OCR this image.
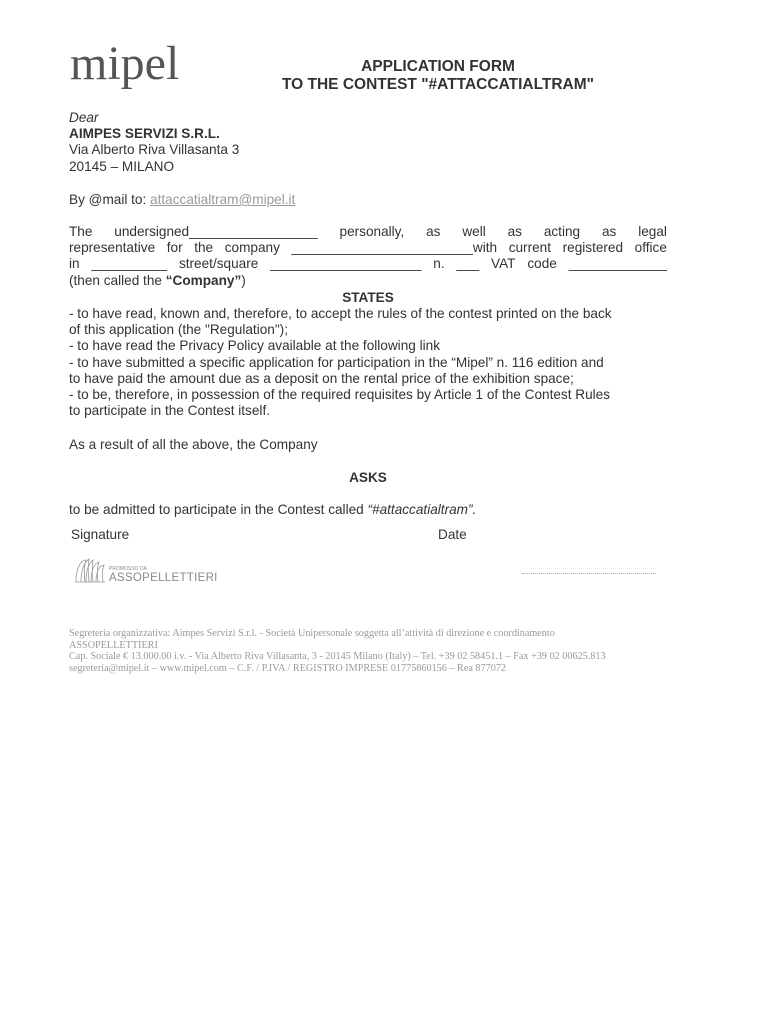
mipel	APPLICATION FORM
TO THE CONTEST "#ATTACCATIALTRAM"
Dear
AIMPES SERVIZI S.R.L.
Via Alberto Riva Villasanta 3
20145 – MILANO
By @mail to: attaccatialtram@mipel.it
The undersigned_________________ personally, as well as acting as legal
representative for the company ________________________with current registered office
in __________ street/square ____________________ n. ___ VAT code _____________
(then called the “Company” )
STATES
- to have read, known and, therefore, to accept the rules of the contest printed on the back
of this application (the "Regulation");
- to have read the Privacy Policy available at the following link
- to have submitted a specific application for participation in the “Mipel” n. 116 edition and
to have paid the amount due as a deposit on the rental price of the exhibition space;
- to be, therefore, in possession of the required requisites by Article 1 of the Contest Rules
to participate in the Contest itself.
As a result of all the above, the Company
ASKS
to be admitted to participate in the Contest called “#attaccatialtram”.
Signature	Date
PROMOSSO DA
ASSOPELLETTIERI
Segreteria organizzativa: Aimpes Servizi S.r.l. - Società Unipersonale soggetta all’attività di direzione e coordinamento
ASSOPELLETTIERI
Cap. Sociale € 13.000.00 i.v. - Via Alberto Riva Villasanta, 3 - 20145 Milano (Italy) – Tel. +39 02 58451.1 – Fax +39 02 00625.813
segreteria@mipel.it – www.mipel.com – C.F. / P.IVA / REGISTRO IMPRESE 01775860156 – Rea 877072
